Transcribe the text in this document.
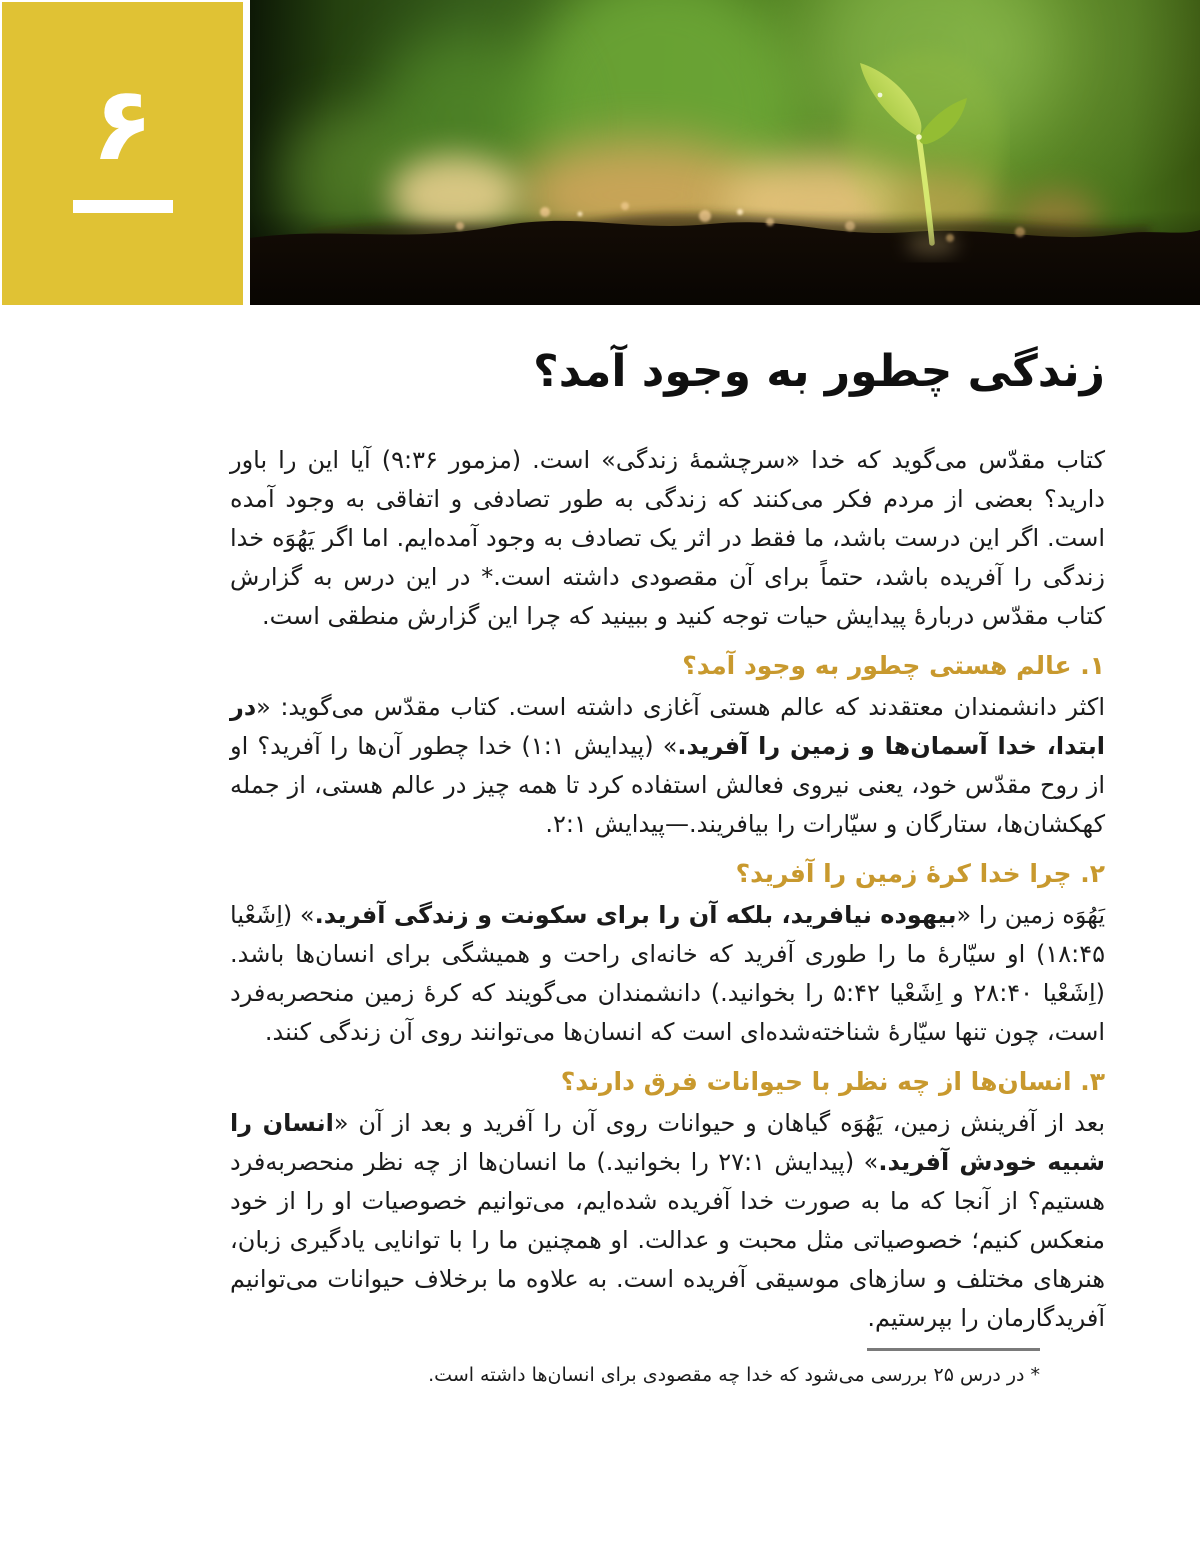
۶
زندگی چطور به وجود آمد؟

کتاب مقدّس می‌گوید که خدا «سرچشمهٔ زندگی» است. (مزمور ۹:۳۶) آیا این را باور دارید؟ بعضی از مردم فکر می‌کنند که زندگی به طور تصادفی و اتفاقی به وجود آمده است. اگر این درست باشد، ما فقط در اثر یک تصادف به وجود آمده‌ایم. اما اگر یَهُوَه خدا زندگی را آفریده باشد، حتماً برای آن مقصودی داشته است.* در این درس به گزارش کتاب مقدّس دربارهٔ پیدایش حیات توجه کنید و ببینید که چرا این گزارش منطقی است.

۱. عالم هستی چطور به وجود آمد؟

اکثر دانشمندان معتقدند که عالم هستی آغازی داشته است. کتاب مقدّس می‌گوید: «در ابتدا، خدا آسمان‌ها و زمین را آفرید.» (پیدایش ۱:۱) خدا چطور آن‌ها را آفرید؟ او از روح مقدّس خود، یعنی نیروی فعالش استفاده کرد تا همه چیز در عالم هستی، از جمله کهکشان‌ها، ستارگان و سیّارات را بیافریند.—پیدایش ۲:۱.

۲. چرا خدا کرهٔ زمین را آفرید؟

یَهُوَه زمین را «بیهوده نیافرید، بلکه آن را برای سکونت و زندگی آفرید.» (اِشَعْیا ۱۸:۴۵) او سیّارهٔ ما را طوری آفرید که خانه‌ای راحت و همیشگی برای انسان‌ها باشد. (اِشَعْیا ۲۸:۴۰ و اِشَعْیا ۵:۴۲ را بخوانید.) دانشمندان می‌گویند که کرهٔ زمین منحصربه‌فرد است، چون تنها سیّارهٔ شناخته‌شده‌ای است که انسان‌ها می‌توانند روی آن زندگی کنند.

۳. انسان‌ها از چه نظر با حیوانات فرق دارند؟

بعد از آفرینش زمین، یَهُوَه گیاهان و حیوانات روی آن را آفرید و بعد از آن «انسان را شبیه خودش آفرید.» (پیدایش ۲۷:۱ را بخوانید.) ما انسان‌ها از چه نظر منحصربه‌فرد هستیم؟ از آنجا که ما به صورت خدا آفریده شده‌ایم، می‌توانیم خصوصیات او را از خود منعکس کنیم؛ خصوصیاتی مثل محبت و عدالت. او همچنین ما را با توانایی یادگیری زبان، هنرهای مختلف و سازهای موسیقی آفریده است. به علاوه ما برخلاف حیوانات می‌توانیم آفریدگارمان را بپرستیم.

* در درس ۲۵ بررسی می‌شود که خدا چه مقصودی برای انسان‌ها داشته است.
